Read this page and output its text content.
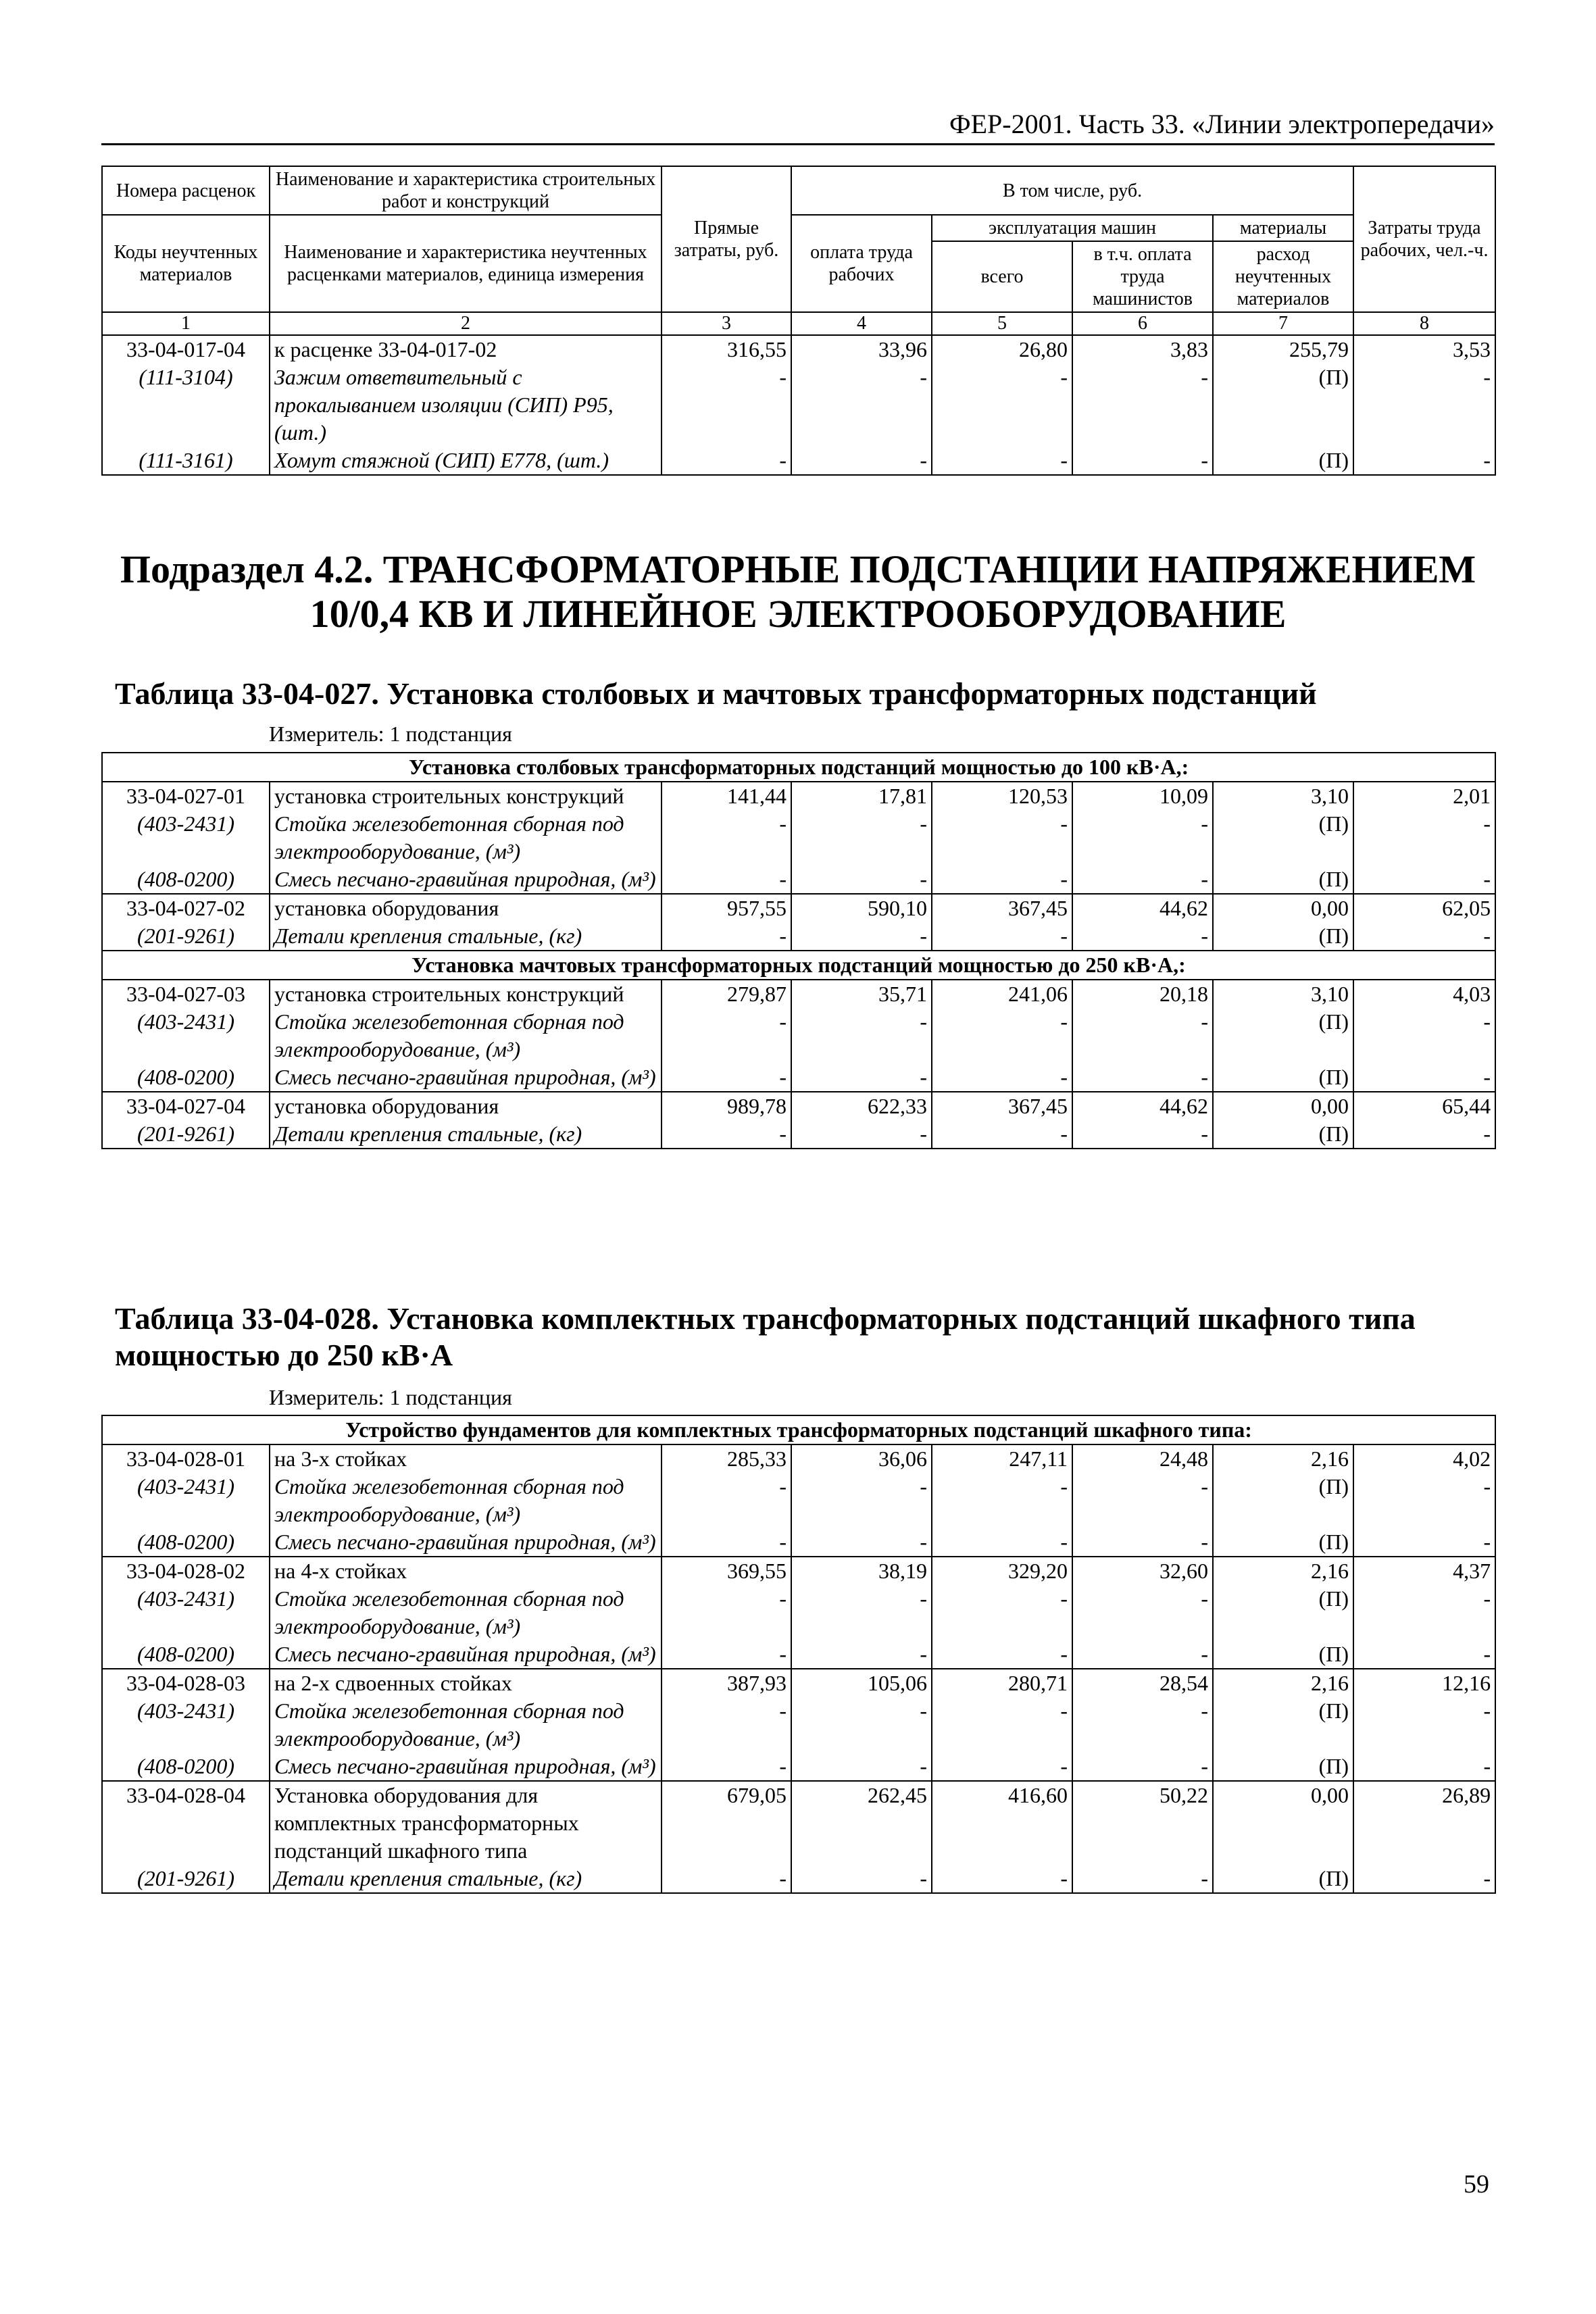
ФЕР-2001. Часть 33. «Линии электропередачи»
Номера расценок	Наименование и характеристика строительных работ и конструкций	Прямые затраты, руб.	В том числе, руб.				Затраты труда рабочих, чел.-ч.
Коды неучтенных материалов	Наименование и характеристика неучтенных расценками материалов, единица измерения		оплата труда рабочих	эксплуатация машин		материалы	
				всего	в т.ч. оплата труда машинистов	расход неучтенных материалов	
1	2	3	4	5	6	7	8
33-04-017-04	к расценке 33-04-017-02	316,55	33,96	26,80	3,83	255,79	3,53
(111-3104)	Зажим ответвительный с прокалыванием изоляции (СИП) P95, (шт.)	-	-	-	-	(П)	-
(111-3161)	Хомут стяжной (СИП) Е778, (шт.)	-	-	-	-	(П)	-
Подраздел 4.2. ТРАНСФОРМАТОРНЫЕ ПОДСТАНЦИИ НАПРЯЖЕНИЕМ 10/0,4 КВ И ЛИНЕЙНОЕ ЭЛЕКТРООБОРУДОВАНИЕ
Таблица 33-04-027. Установка столбовых и мачтовых трансформаторных подстанций
Измеритель: 1 подстанция
Установка столбовых трансформаторных подстанций мощностью до 100 кВ·А,:							
33-04-027-01	установка строительных конструкций	141,44	17,81	120,53	10,09	3,10	2,01
(403-2431)	Стойка железобетонная сборная под электрооборудование, (м³)	-	-	-	-	(П)	-
(408-0200)	Смесь песчано-гравийная природная, (м³)	-	-	-	-	(П)	-
33-04-027-02	установка оборудования	957,55	590,10	367,45	44,62	0,00	62,05
(201-9261)	Детали крепления стальные, (кг)	-	-	-	-	(П)	-
Установка мачтовых трансформаторных подстанций мощностью до 250 кВ·А,:							
33-04-027-03	установка строительных конструкций	279,87	35,71	241,06	20,18	3,10	4,03
(403-2431)	Стойка железобетонная сборная под электрооборудование, (м³)	-	-	-	-	(П)	-
(408-0200)	Смесь песчано-гравийная природная, (м³)	-	-	-	-	(П)	-
33-04-027-04	установка оборудования	989,78	622,33	367,45	44,62	0,00	65,44
(201-9261)	Детали крепления стальные, (кг)	-	-	-	-	(П)	-
Таблица 33-04-028. Установка комплектных трансформаторных подстанций шкафного типа мощностью до 250 кВ·А
Измеритель: 1 подстанция
Устройство фундаментов для комплектных трансформаторных подстанций шкафного типа:							
33-04-028-01	на 3-х стойках	285,33	36,06	247,11	24,48	2,16	4,02
(403-2431)	Стойка железобетонная сборная под электрооборудование, (м³)	-	-	-	-	(П)	-
(408-0200)	Смесь песчано-гравийная природная, (м³)	-	-	-	-	(П)	-
33-04-028-02	на 4-х стойках	369,55	38,19	329,20	32,60	2,16	4,37
(403-2431)	Стойка железобетонная сборная под электрооборудование, (м³)	-	-	-	-	(П)	-
(408-0200)	Смесь песчано-гравийная природная, (м³)	-	-	-	-	(П)	-
33-04-028-03	на 2-х сдвоенных стойках	387,93	105,06	280,71	28,54	2,16	12,16
(403-2431)	Стойка железобетонная сборная под электрооборудование, (м³)	-	-	-	-	(П)	-
(408-0200)	Смесь песчано-гравийная природная, (м³)	-	-	-	-	(П)	-
33-04-028-04	Установка оборудования для комплектных трансформаторных подстанций шкафного типа	679,05	262,45	416,60	50,22	0,00	26,89
(201-9261)	Детали крепления стальные, (кг)	-	-	-	-	(П)	-
59
